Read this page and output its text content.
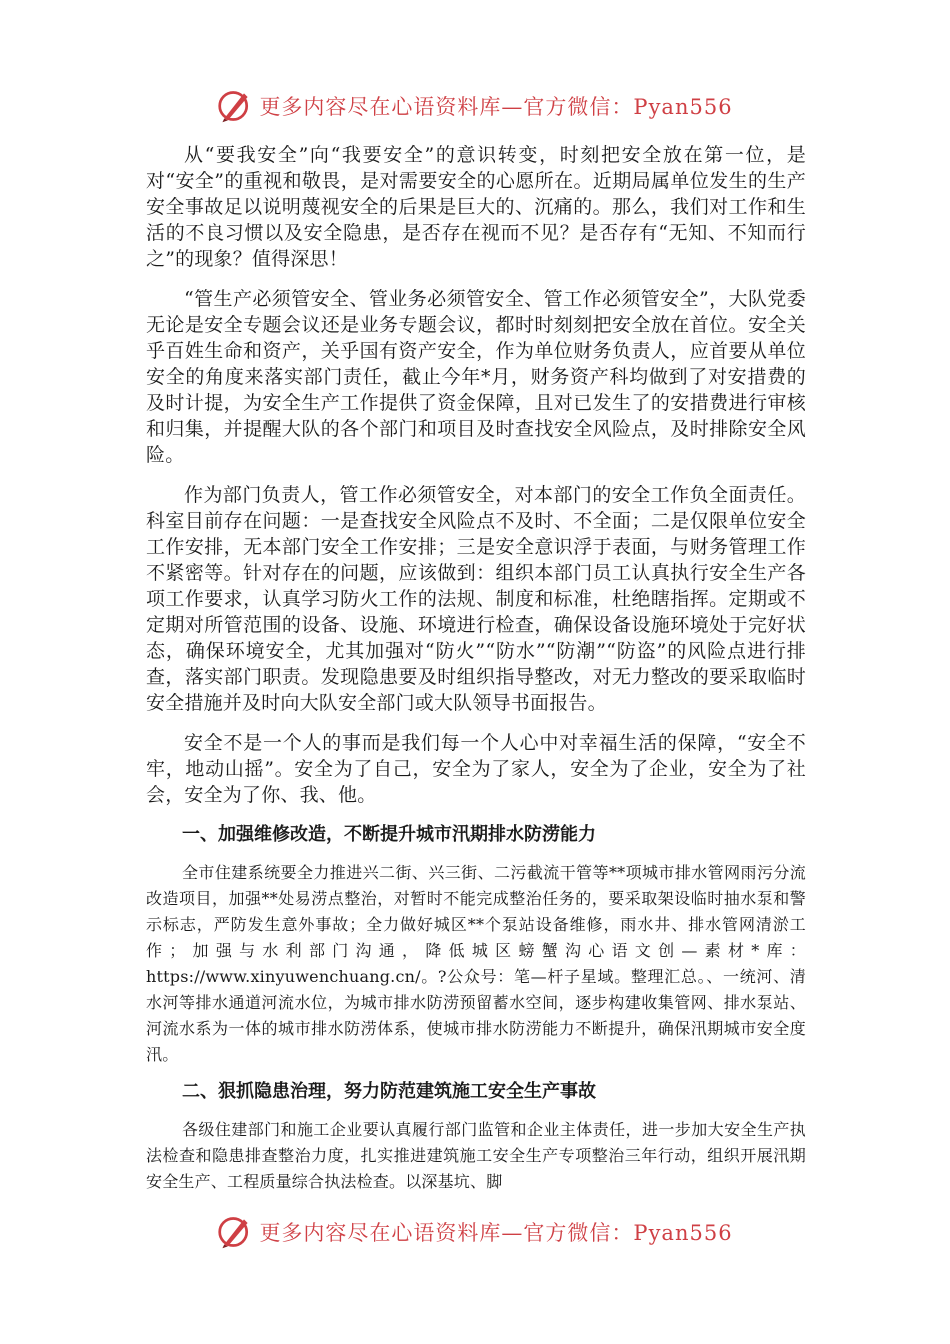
更多内容尽在心语资料库—官方微信：Pyan556

从“要我安全”向“我要安全”的意识转变，时刻把安全放在第一位，是对“安全”的重视和敬畏，是对需要安全的心愿所在。近期局属单位发生的生产安全事故足以说明蔑视安全的后果是巨大的、沉痛的。那么，我们对工作和生活的不良习惯以及安全隐患，是否存在视而不见？是否存有“无知、不知而行之”的现象？值得深思！

“管生产必须管安全、管业务必须管安全、管工作必须管安全”，大队党委无论是安全专题会议还是业务专题会议，都时时刻刻把安全放在首位。安全关乎百姓生命和资产，关乎国有资产安全，作为单位财务负责人，应首要从单位安全的角度来落实部门责任，截止今年*月，财务资产科均做到了对安措费的及时计提，为安全生产工作提供了资金保障，且对已发生了的安措费进行审核和归集，并提醒大队的各个部门和项目及时查找安全风险点，及时排除安全风险。

作为部门负责人，管工作必须管安全，对本部门的安全工作负全面责任。科室目前存在问题：一是查找安全风险点不及时、不全面；二是仅限单位安全工作安排，无本部门安全工作安排；三是安全意识浮于表面，与财务管理工作不紧密等。针对存在的问题，应该做到：组织本部门员工认真执行安全生产各项工作要求，认真学习防火工作的法规、制度和标准，杜绝瞎指挥。定期或不定期对所管范围的设备、设施、环境进行检查，确保设备设施环境处于完好状态，确保环境安全，尤其加强对“防火”“防水”“防潮”“防盗”的风险点进行排查，落实部门职责。发现隐患要及时组织指导整改，对无力整改的要采取临时安全措施并及时向大队安全部门或大队领导书面报告。

安全不是一个人的事而是我们每一个人心中对幸福生活的保障，“安全不牢，地动山摇”。安全为了自己，安全为了家人，安全为了企业，安全为了社会，安全为了你、我、他。

一、加强维修改造，不断提升城市汛期排水防涝能力

全市住建系统要全力推进兴二街、兴三街、二污截流干管等**项城市排水管网雨污分流改造项目，加强**处易涝点整治，对暂时不能完成整治任务的，要采取架设临时抽水泵和警示标志，严防发生意外事故；全力做好城区**个泵站设备维修，雨水井、排水管网清淤工作；加强与水利部门沟通，降低城区螃蟹沟心语文创—素材*库：https://www.xinyuwenchuang.cn/。?公众号：笔—杆子星域。整理汇总。、一统河、清水河等排水通道河流水位，为城市排水防涝预留蓄水空间，逐步构建收集管网、排水泵站、河流水系为一体的城市排水防涝体系，使城市排水防涝能力不断提升，确保汛期城市安全度汛。

二、狠抓隐患治理，努力防范建筑施工安全生产事故

各级住建部门和施工企业要认真履行部门监管和企业主体责任，进一步加大安全生产执法检查和隐患排查整治力度，扎实推进建筑施工安全生产专项整治三年行动，组织开展汛期安全生产、工程质量综合执法检查。以深基坑、脚

更多内容尽在心语资料库—官方微信：Pyan556
